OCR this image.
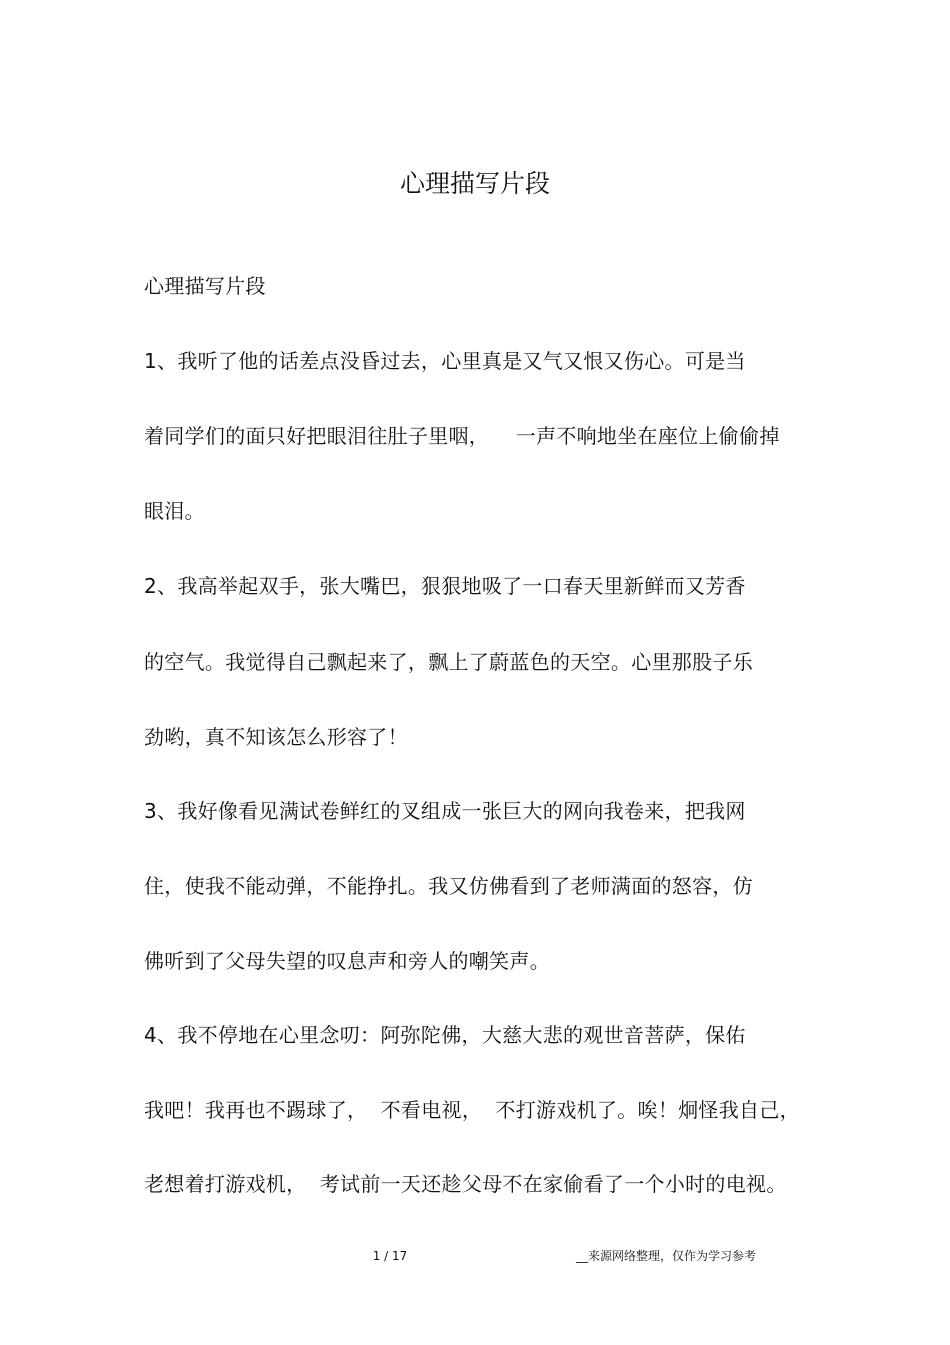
心理描写片段
心理描写片段
1、我听了他的话差点没昏过去，心里真是又气又恨又伤心。可是当
着同学们的面只好把眼泪往肚子里咽，    一声不响地坐在座位上偷偷掉
眼泪。
2、我高举起双手，张大嘴巴，狠狠地吸了一口春天里新鲜而又芳香
的空气。我觉得自己飘起来了，飘上了蔚蓝色的天空。心里那股子乐
劲哟，真不知该怎么形容了！
3、我好像看见满试卷鲜红的叉组成一张巨大的网向我卷来，把我网
住，使我不能动弹，不能挣扎。我又仿佛看到了老师满面的怒容，仿
佛听到了父母失望的叹息声和旁人的嘲笑声。
4、我不停地在心里念叨：阿弥陀佛，大慈大悲的观世音菩萨，保佑
我吧！我再也不踢球了，  不看电视，  不打游戏机了。唉！炯怪我自己，
老想着打游戏机，  考试前一天还趁父母不在家偷看了一个小时的电视。
1 / 17	__来源网络整理，仅作为学习参考
